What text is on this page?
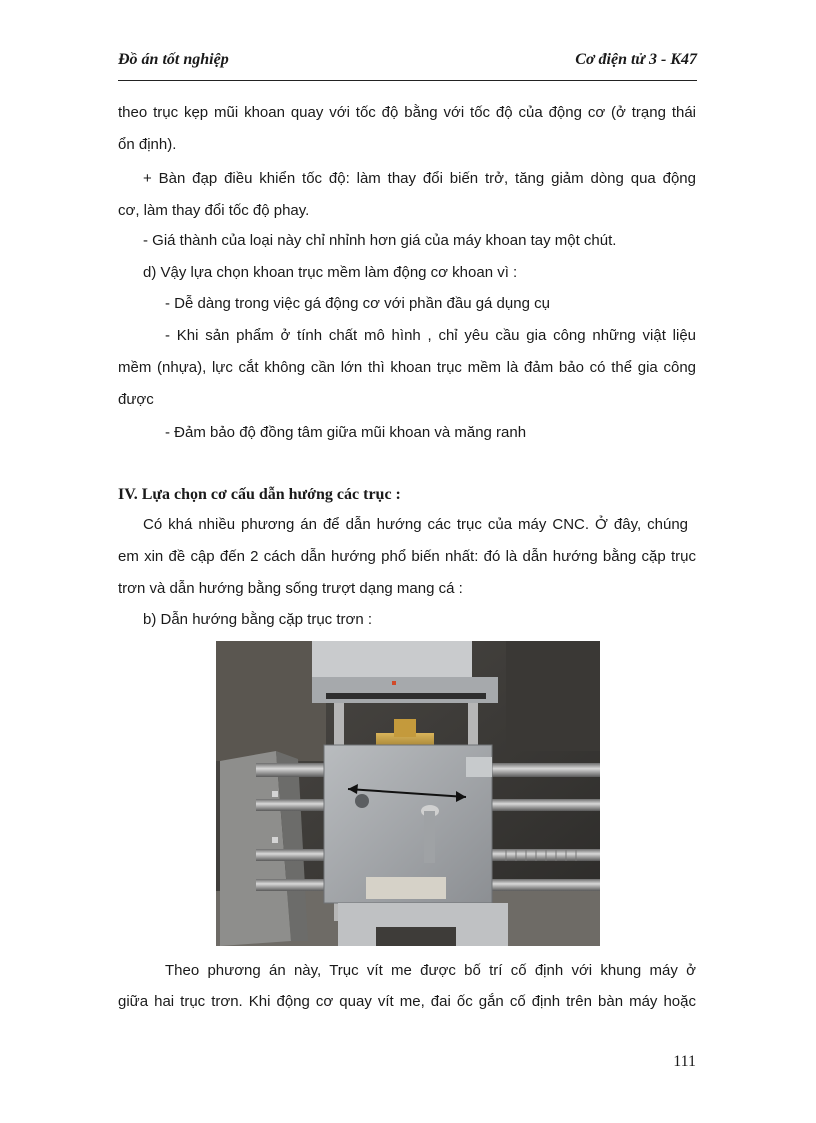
Đồ án tốt nghiệp	Cơ điện tử 3 - K47
theo trục kẹp mũi khoan quay với tốc độ bằng với tốc độ của động cơ (ở trạng thái
ổn định).
+ Bàn đạp điều khiển tốc độ: làm thay đổi biến trở, tăng giảm dòng qua động
cơ, làm thay đổi tốc độ phay.
- Giá thành của loại này chỉ nhỉnh hơn giá của máy khoan tay một chút.
d) Vậy lựa chọn khoan trục mềm làm động cơ khoan vì :
- Dễ dàng trong việc gá động cơ với phần đầu gá dụng cụ
- Khi sản phẩm ở tính chất mô hình , chỉ yêu cầu gia công những viật liệu
mềm (nhựa), lực cắt không cần lớn thì khoan trục mềm là đảm bảo có thể gia công
được
- Đảm bảo độ đồng tâm giữa mũi khoan và măng ranh
IV. Lựa chọn cơ cấu dẫn hướng các trục :
Có khá nhiều phương án để dẫn hướng các trục của máy CNC. Ở đây, chúng
em xin đề cập đến 2 cách dẫn hướng phổ biến nhất: đó là dẫn hướng bằng cặp trục
trơn và dẫn hướng bằng sống trượt dạng mang cá :
b) Dẫn hướng bằng cặp trục trơn :
Theo phương án này, Trục vít me được bố trí cố định với khung máy ở
giữa hai trục trơn. Khi động cơ quay vít me, đai ốc gắn cố định trên bàn máy hoặc
111
